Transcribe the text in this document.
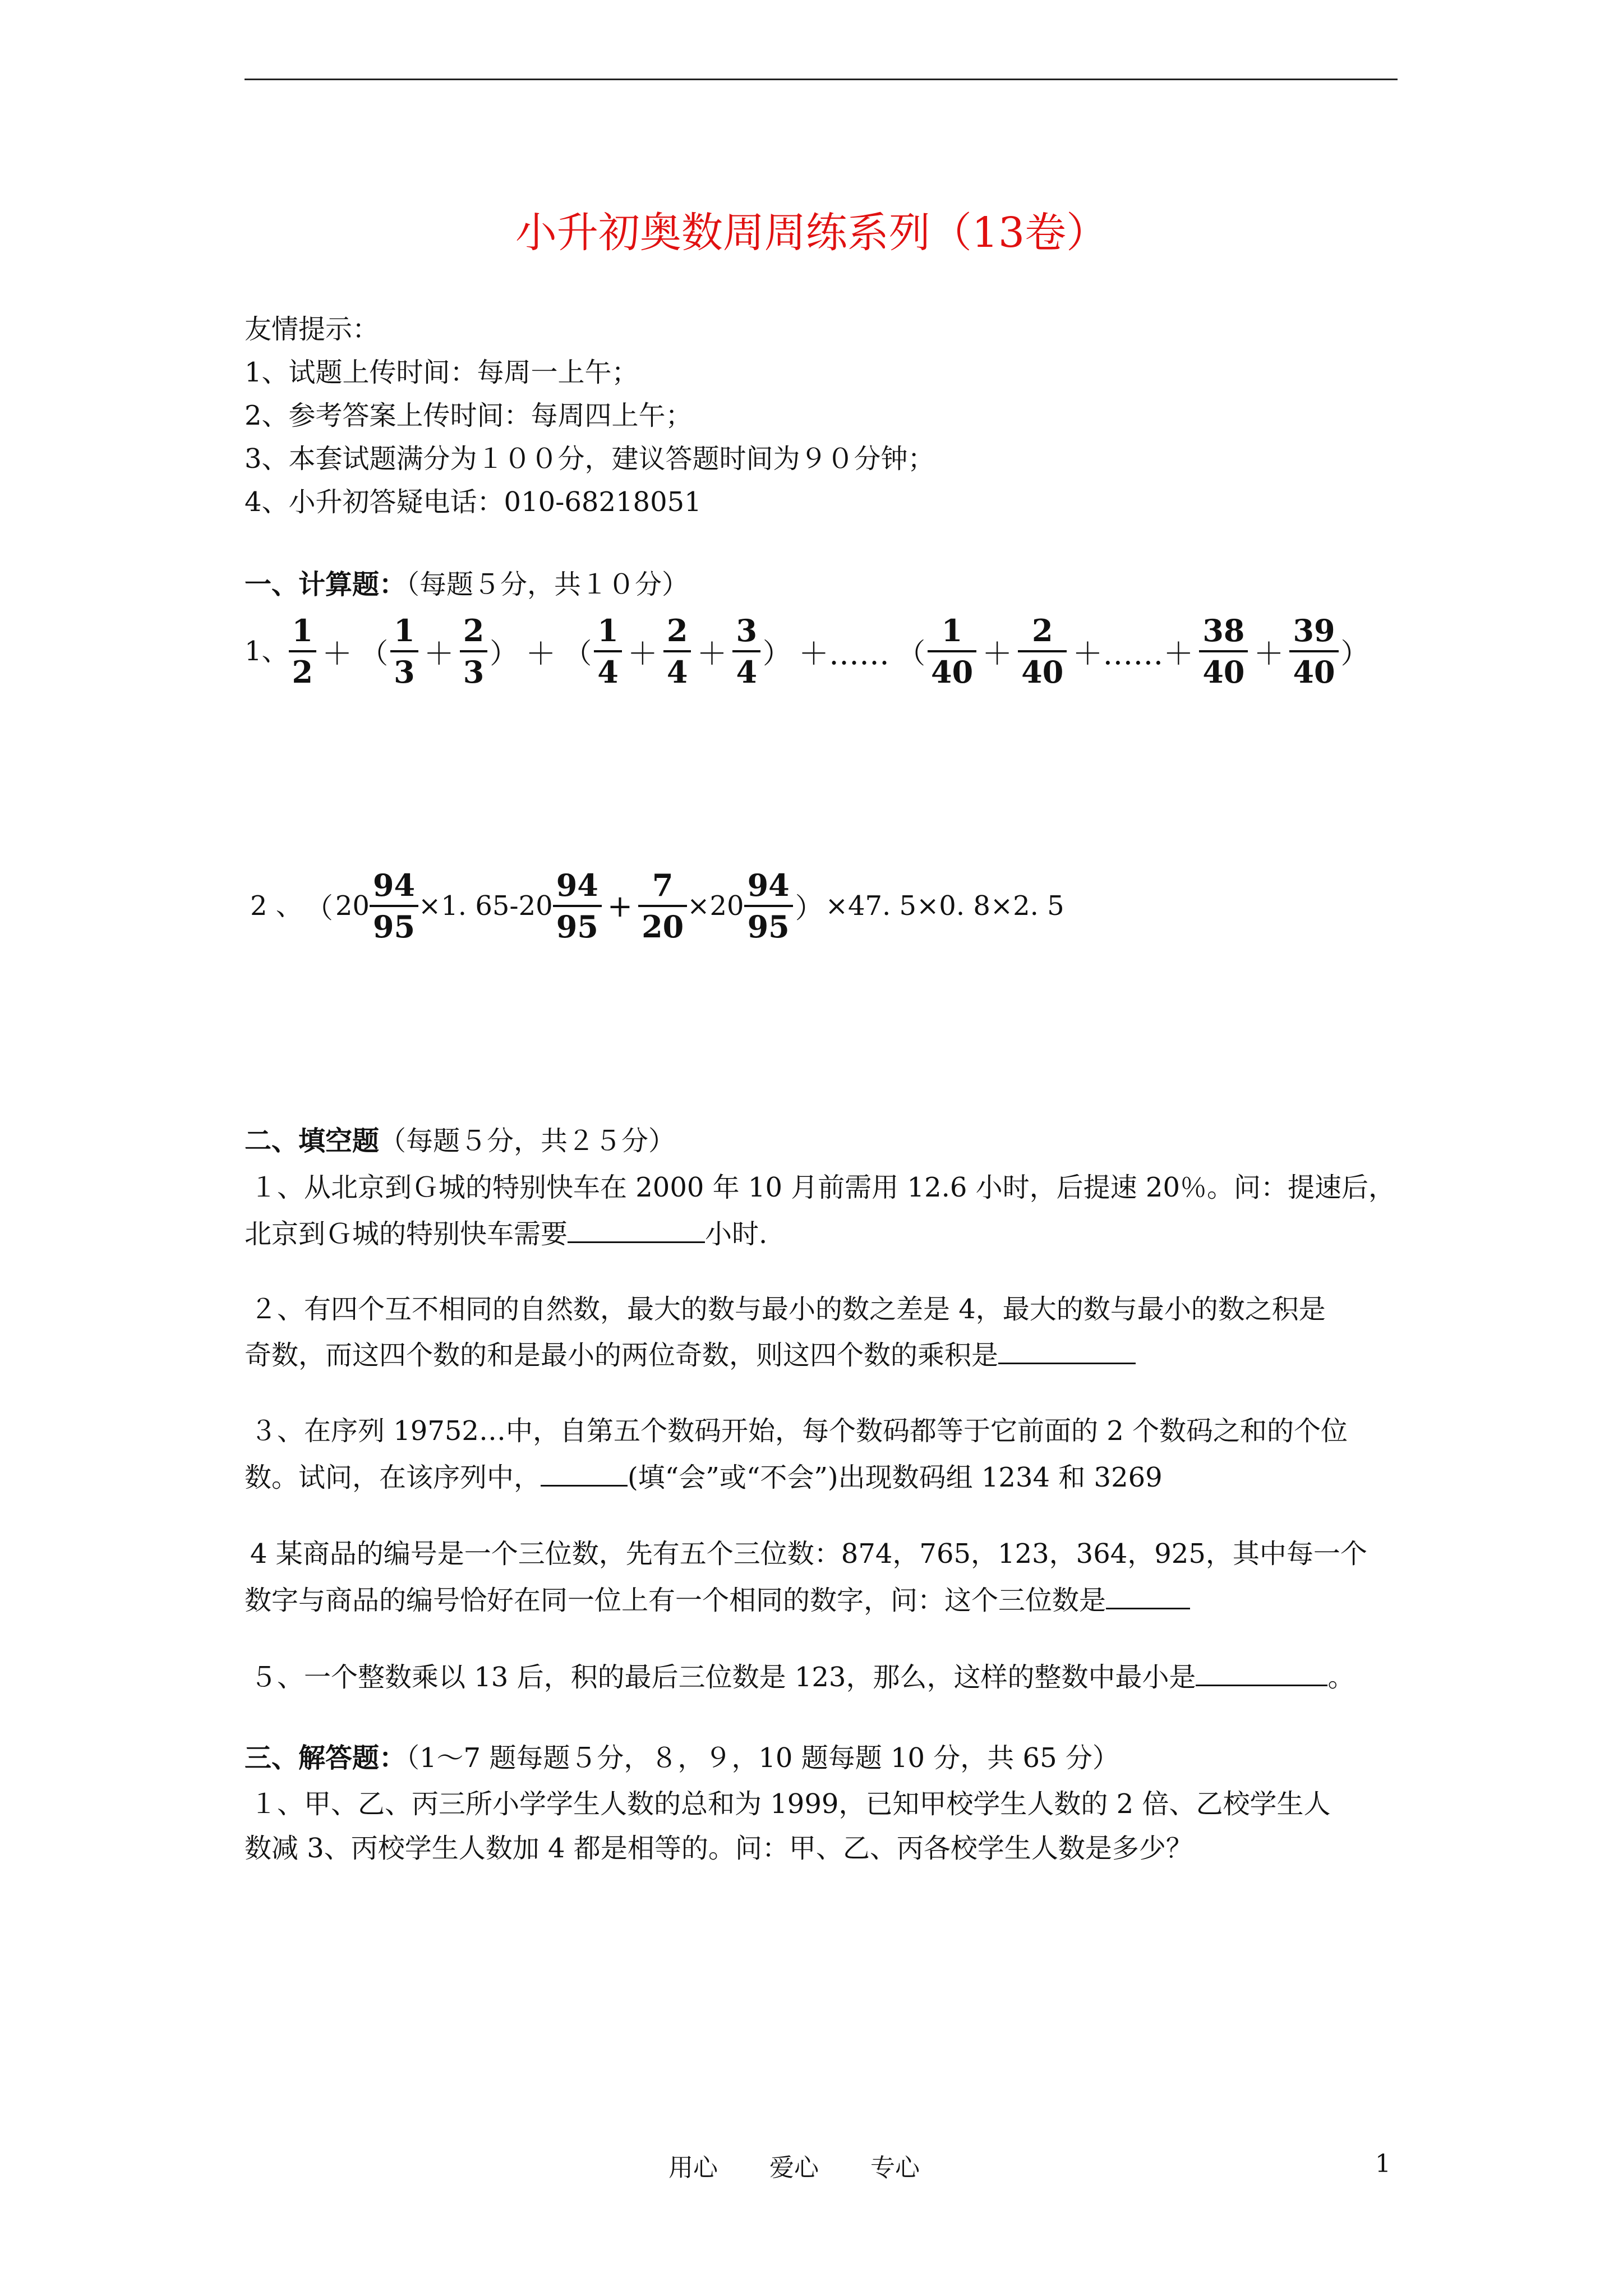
小升初奥数周周练系列（13卷）
友情提示：
1、试题上传时间：每周一上午；
2、参考答案上传时间：每周四上午；
3、本套试题满分为１００分，建议答题时间为９０分钟；
4、小升初答疑电话：010-68218051
一、计算题：（每题５分，共１０分）
1、 $\frac{1}{2}$ ＋ （ $\frac{1}{3} + \frac{2}{3}$ ） ＋ （ $\frac{1}{4} + \frac{2}{4} + \frac{3}{4}$ ） ＋…… （ $\frac{1}{40} + \frac{2}{40}$ ＋……＋ $\frac{38}{40} + \frac{39}{40}$ ）
2 、 （ $20 \frac{94}{95} \times 1$. $65-20 \frac{94}{95} + \frac{7}{20} \times 20 \frac{94}{95}$ ） ×47. 5×0. 8×2. 5
二、填空题（每题５分，共２５分）
１、从北京到Ｇ城的特别快车在 2000 年 10 月前需用 12.6 小时，后提速 20％。问：提速后，
北京到Ｇ城的特别快车需要	小时.
２、有四个互不相同的自然数，最大的数与最小的数之差是 4，最大的数与最小的数之积是
奇数，而这四个数的和是最小的两位奇数，则这四个数的乘积是
３、在序列 19752…中，自第五个数码开始，每个数码都等于它前面的 2 个数码之和的个位
数。试问，在该序列中，	(填“会”或“不会”)出现数码组 1234 和 3269
4 某商品的编号是一个三位数，先有五个三位数：874，765，123，364，925，其中每一个
数字与商品的编号恰好在同一位上有一个相同的数字，问：这个三位数是
５、一个整数乘以 13 后，积的最后三位数是 123，那么，这样的整数中最小是	。
三、解答题：（1～7 题每题５分，８，９，10 题每题 10 分，共 65 分）
１、甲、乙、丙三所小学学生人数的总和为 1999，已知甲校学生人数的 2 倍、乙校学生人
数减 3、丙校学生人数加 4 都是相等的。问：甲、乙、丙各校学生人数是多少？
用心 爱心 专心	1
